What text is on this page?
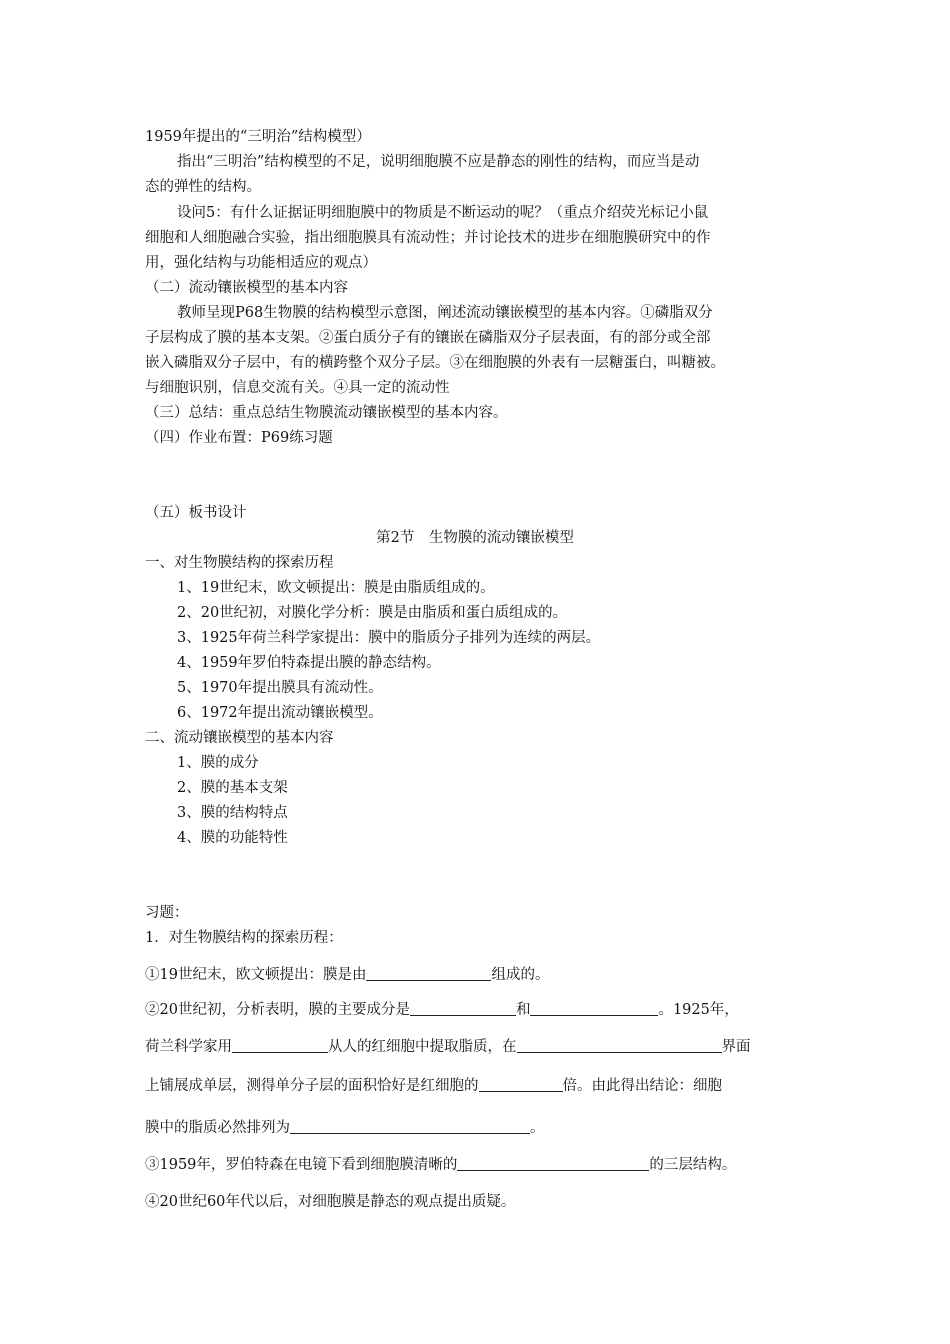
1959年提出的“三明治”结构模型）
指出“三明治”结构模型的不足，说明细胞膜不应是静态的刚性的结构，而应当是动
态的弹性的结构。
设问5：有什么证据证明细胞膜中的物质是不断运动的呢？（重点介绍荧光标记小鼠
细胞和人细胞融合实验，指出细胞膜具有流动性；并讨论技术的进步在细胞膜研究中的作
用，强化结构与功能相适应的观点）
（二）流动镶嵌模型的基本内容
教师呈现P68生物膜的结构模型示意图，阐述流动镶嵌模型的基本内容。①磷脂双分
子层构成了膜的基本支架。②蛋白质分子有的镶嵌在磷脂双分子层表面，有的部分或全部
嵌入磷脂双分子层中，有的横跨整个双分子层。③在细胞膜的外表有一层糖蛋白，叫糖被。
与细胞识别，信息交流有关。④具一定的流动性
（三）总结：重点总结生物膜流动镶嵌模型的基本内容。
（四）作业布置：P69练习题
（五）板书设计
第2节　生物膜的流动镶嵌模型
一、对生物膜结构的探索历程
1、19世纪末，欧文顿提出：膜是由脂质组成的。
2、20世纪初，对膜化学分析：膜是由脂质和蛋白质组成的。
3、1925年荷兰科学家提出：膜中的脂质分子排列为连续的两层。
4、1959年罗伯特森提出膜的静态结构。
5、1970年提出膜具有流动性。
6、1972年提出流动镶嵌模型。
二、流动镶嵌模型的基本内容
1、膜的成分
2、膜的基本支架
3、膜的结构特点
4、膜的功能特性
习题：
1．对生物膜结构的探索历程：
①19世纪末，欧文顿提出：膜是由	组成的。
②20世纪初，分析表明，膜的主要成分是	和	。1925年，
荷兰科学家用	从人的红细胞中提取脂质，在	界面
上铺展成单层，测得单分子层的面积恰好是红细胞的	倍。由此得出结论：细胞
膜中的脂质必然排列为	。
③1959年，罗伯特森在电镜下看到细胞膜清晰的	的三层结构。
④20世纪60年代以后，对细胞膜是静态的观点提出质疑。
